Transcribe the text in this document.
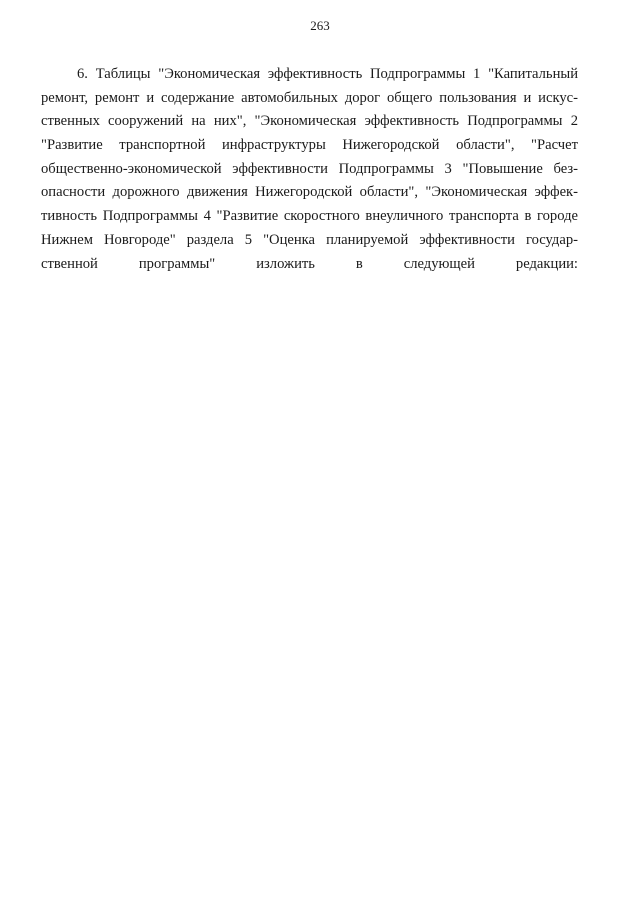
263
6. Таблицы "Экономическая эффективность Подпрограммы 1 "Капитальный
ремонт, ремонт и содержание автомобильных дорог общего пользования и искус-
ственных сооружений на них", "Экономическая эффективность Подпрограммы 2
"Развитие транспортной инфраструктуры Нижегородской области", "Расчет
общественно-экономической эффективности Подпрограммы 3 "Повышение без-
опасности дорожного движения Нижегородской области", "Экономическая эффек-
тивность Подпрограммы 4 "Развитие скоростного внеуличного транспорта в городе
Нижнем Новгороде" раздела 5 "Оценка планируемой эффективности государ-
ственной программы" изложить в следующей редакции:
